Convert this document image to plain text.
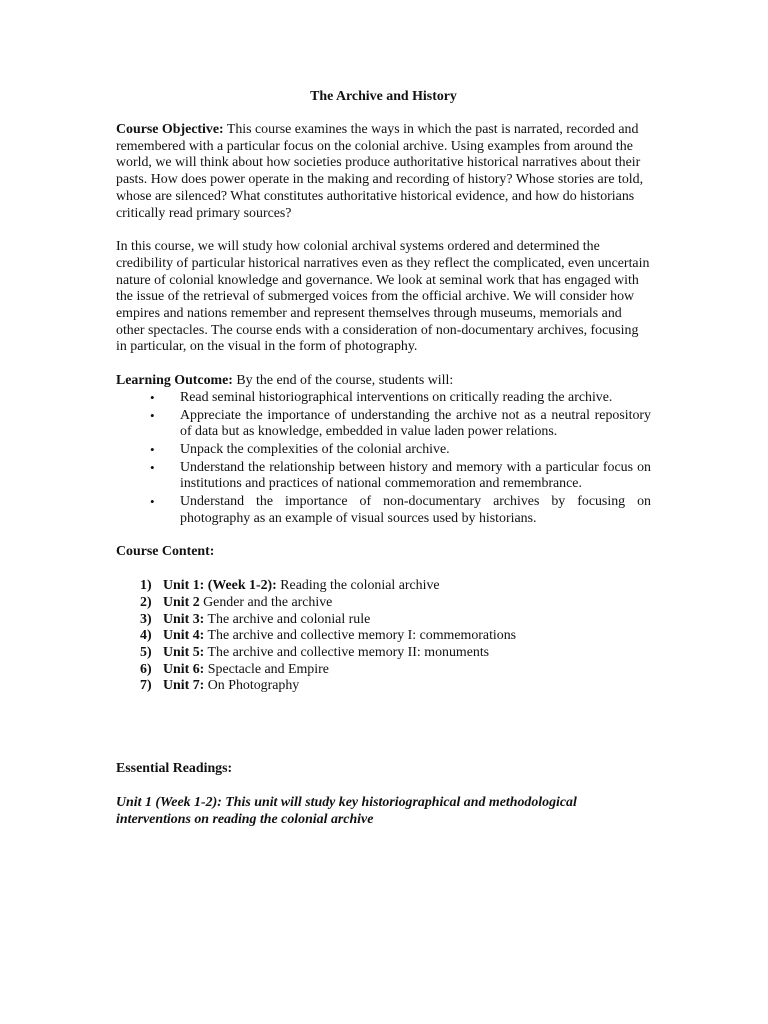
The Archive and History

Course Objective: This course examines the ways in which the past is narrated, recorded and remembered with a particular focus on the colonial archive. Using examples from around the world, we will think about how societies produce authoritative historical narratives about their pasts. How does power operate in the making and recording of history? Whose stories are told, whose are silenced? What constitutes authoritative historical evidence, and how do historians critically read primary sources?

In this course, we will study how colonial archival systems ordered and determined the credibility of particular historical narratives even as they reflect the complicated, even uncertain nature of colonial knowledge and governance. We look at seminal work that has engaged with the issue of the retrieval of submerged voices from the official archive. We will consider how empires and nations remember and represent themselves through museums, memorials and other spectacles. The course ends with a consideration of non-documentary archives, focusing in particular, on the visual in the form of photography.

Learning Outcome: By the end of the course, students will:

• Read seminal historiographical interventions on critically reading the archive.
• Appreciate the importance of understanding the archive not as a neutral repository of data but as knowledge, embedded in value laden power relations.
• Unpack the complexities of the colonial archive.
• Understand the relationship between history and memory with a particular focus on institutions and practices of national commemoration and remembrance.
• Understand the importance of non-documentary archives by focusing on photography as an example of visual sources used by historians.

Course Content:

1) Unit 1: (Week 1-2): Reading the colonial archive
2) Unit 2 Gender and the archive
3) Unit 3: The archive and colonial rule
4) Unit 4: The archive and collective memory I: commemorations
5) Unit 5: The archive and collective memory II: monuments
6) Unit 6: Spectacle and Empire
7) Unit 7: On Photography

Essential Readings:

Unit 1 (Week 1-2): This unit will study key historiographical and methodological interventions on reading the colonial archive
